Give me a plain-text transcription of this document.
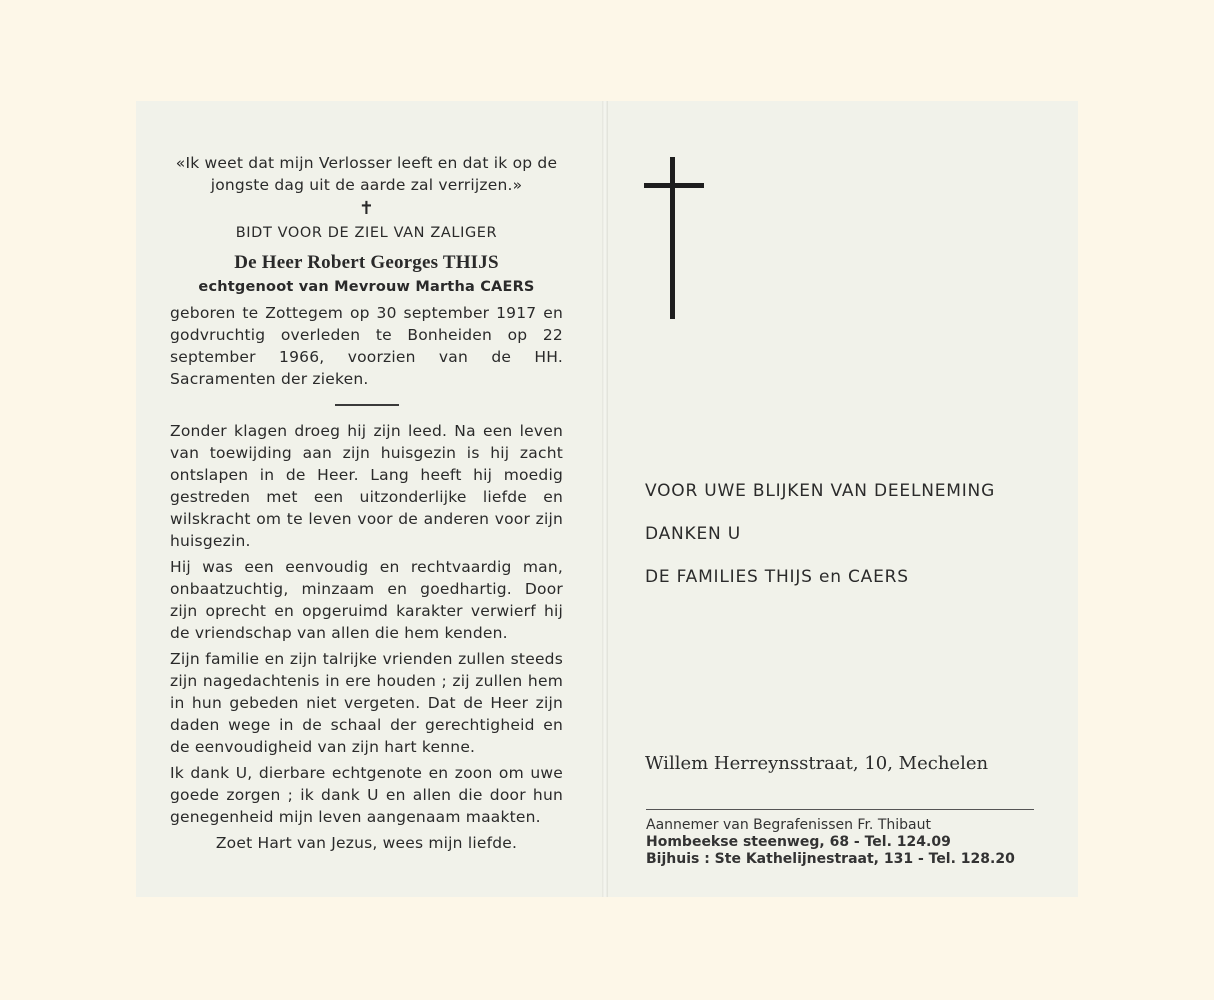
«Ik weet dat mijn Verlosser leeft en dat ik op de jongste dag uit de aarde zal verrijzen.»

✝
BIDT VOOR DE ZIEL VAN ZALIGER
De Heer Robert Georges THIJS
echtgenoot van Mevrouw Martha CAERS

geboren te Zottegem op 30 september 1917 en godvruchtig overleden te Bonheiden op 22 september 1966, voorzien van de HH. Sacramenten der zieken.

Zonder klagen droeg hij zijn leed. Na een leven van toewijding aan zijn huisgezin is hij zacht ontslapen in de Heer. Lang heeft hij moedig gestreden met een uitzonderlijke liefde en wilskracht om te leven voor de anderen voor zijn huisgezin.

Hij was een eenvoudig en rechtvaardig man, onbaatzuchtig, minzaam en goedhartig. Door zijn oprecht en opgeruimd karakter verwierf hij de vriendschap van allen die hem kenden.

Zijn familie en zijn talrijke vrienden zullen steeds zijn nagedachtenis in ere houden ; zij zullen hem in hun gebeden niet vergeten. Dat de Heer zijn daden wege in de schaal der gerechtigheid en de eenvoudigheid van zijn hart kenne.

Ik dank U, dierbare echtgenote en zoon om uwe goede zorgen ; ik dank U en allen die door hun genegenheid mijn leven aangenaam maakten.

Zoet Hart van Jezus, wees mijn liefde.

VOOR UWE BLIJKEN VAN DEELNEMING
DANKEN U
DE FAMILIES THIJS en CAERS
Willem Herreynsstraat, 10, Mechelen
Aannemer van Begrafenissen Fr. Thibaut
Hombeekse steenweg, 68 - Tel. 124.09
Bijhuis : Ste Kathelijnestraat, 131 - Tel. 128.20
